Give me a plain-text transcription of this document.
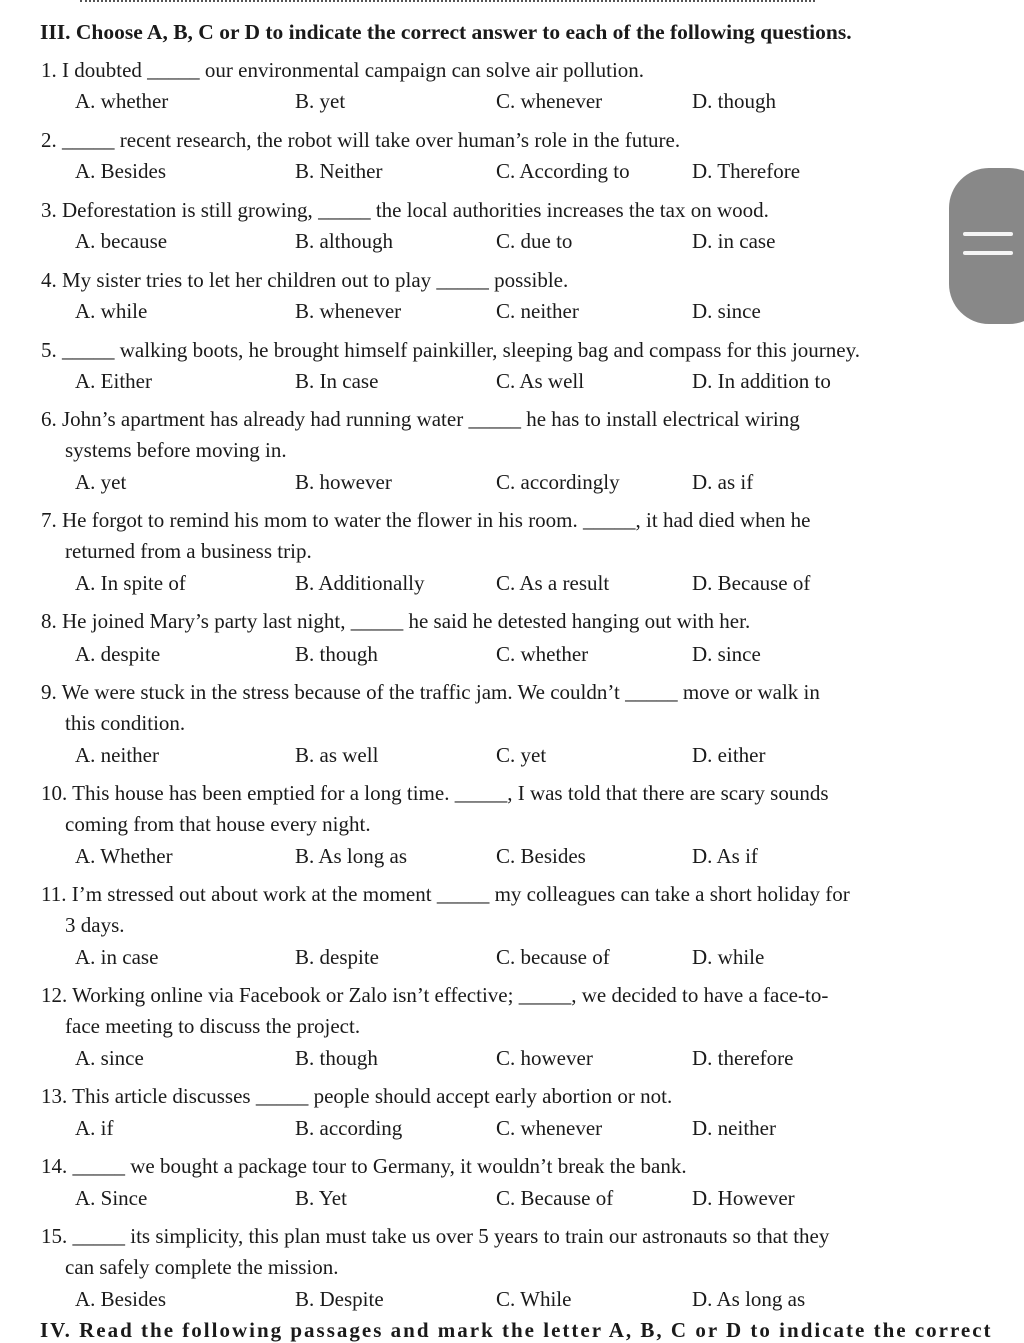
III. Choose A, B, C or D to indicate the correct answer to each of the following questions.
1. I doubted _____ our environmental campaign can solve air pollution.
A. whether	B. yet	C. whenever	D. though
2. _____ recent research, the robot will take over human’s role in the future.
A. Besides	B. Neither	C. According to	D. Therefore
3. Deforestation is still growing, _____ the local authorities increases the tax on wood.
A. because	B. although	C. due to	D. in case
4. My sister tries to let her children out to play _____ possible.
A. while	B. whenever	C. neither	D. since
5. _____ walking boots, he brought himself painkiller, sleeping bag and compass for this journey.
A. Either	B. In case	C. As well	D. In addition to
6. John’s apartment has already had running water _____ he has to install electrical wiring
systems before moving in.
A. yet	B. however	C. accordingly	D. as if
7. He forgot to remind his mom to water the flower in his room. _____, it had died when he
returned from a business trip.
A. In spite of	B. Additionally	C. As a result	D. Because of
8. He joined Mary’s party last night, _____ he said he detested hanging out with her.
A. despite	B. though	C. whether	D. since
9. We were stuck in the stress because of the traffic jam. We couldn’t _____ move or walk in
this condition.
A. neither	B. as well	C. yet	D. either
10. This house has been emptied for a long time. _____, I was told that there are scary sounds
coming from that house every night.
A. Whether	B. As long as	C. Besides	D. As if
11. I’m stressed out about work at the moment _____ my colleagues can take a short holiday for
3 days.
A. in case	B. despite	C. because of	D. while
12. Working online via Facebook or Zalo isn’t effective; _____, we decided to have a face-to-
face meeting to discuss the project.
A. since	B. though	C. however	D. therefore
13. This article discusses _____ people should accept early abortion or not.
A. if	B. according	C. whenever	D. neither
14. _____ we bought a package tour to Germany, it wouldn’t break the bank.
A. Since	B. Yet	C. Because of	D. However
15. _____ its simplicity, this plan must take us over 5 years to train our astronauts so that they
can safely complete the mission.
A. Besides	B. Despite	C. While	D. As long as
IV. Read the following passages and mark the letter A, B, C or D to indicate the correct
